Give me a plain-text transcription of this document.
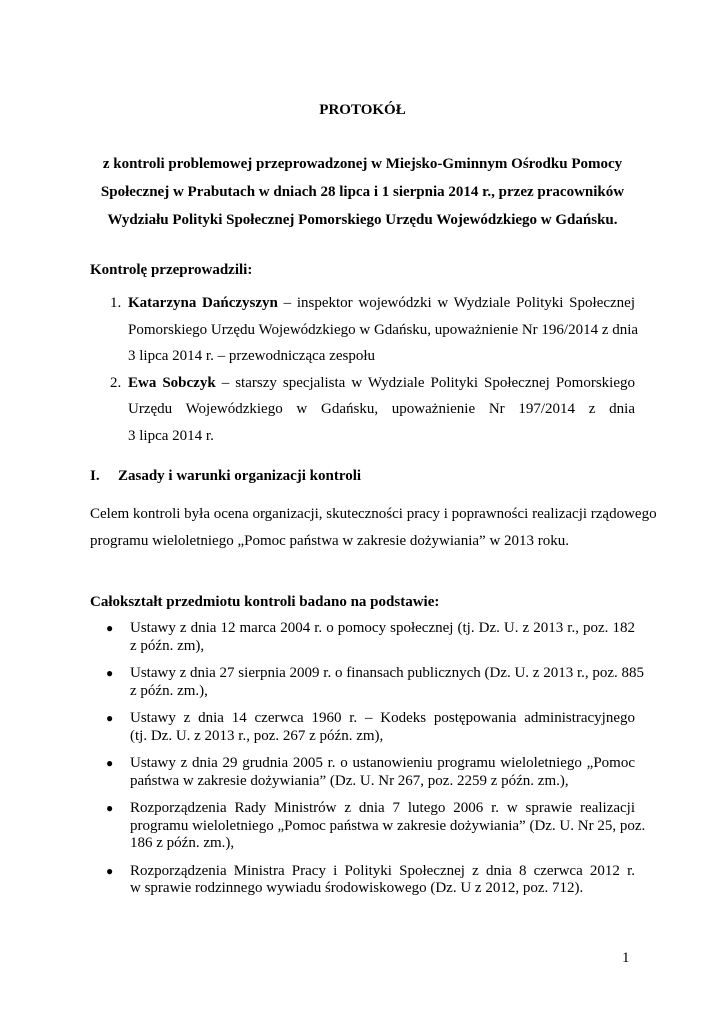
PROTOKÓŁ
z kontroli problemowej przeprowadzonej w Miejsko-Gminnym Ośrodku Pomocy
Społecznej w Prabutach w dniach 28 lipca i 1 sierpnia 2014 r., przez pracowników
Wydziału Polityki Społecznej Pomorskiego Urzędu Wojewódzkiego w Gdańsku.
Kontrolę przeprowadzili:
1. Katarzyna Dańczyszyn – inspektor wojewódzki w Wydziale Polityki Społecznej
Pomorskiego Urzędu Wojewódzkiego w Gdańsku, upoważnienie Nr 196/2014 z dnia
3 lipca 2014 r. – przewodnicząca zespołu
2. Ewa Sobczyk – starszy specjalista w Wydziale Polityki Społecznej Pomorskiego
Urzędu Wojewódzkiego w Gdańsku, upoważnienie Nr 197/2014 z dnia
3 lipca 2014 r.
I. Zasady i warunki organizacji kontroli
Celem kontroli była ocena organizacji, skuteczności pracy i poprawności realizacji rządowego
programu wieloletniego „Pomoc państwa w zakresie dożywiania” w 2013 roku.
Całokształt przedmiotu kontroli badano na podstawie:
● Ustawy z dnia 12 marca 2004 r. o pomocy społecznej (tj. Dz. U. z 2013 r., poz. 182
z późn. zm),
● Ustawy z dnia 27 sierpnia 2009 r. o finansach publicznych (Dz. U. z 2013 r., poz. 885
z późn. zm.),
● Ustawy z dnia 14 czerwca 1960 r. – Kodeks postępowania administracyjnego
(tj. Dz. U. z 2013 r., poz. 267 z późn. zm),
● Ustawy z dnia 29 grudnia 2005 r. o ustanowieniu programu wieloletniego „Pomoc
państwa w zakresie dożywiania” (Dz. U. Nr 267, poz. 2259 z późn. zm.),
● Rozporządzenia Rady Ministrów z dnia 7 lutego 2006 r. w sprawie realizacji
programu wieloletniego „Pomoc państwa w zakresie dożywiania” (Dz. U. Nr 25, poz.
186 z późn. zm.),
● Rozporządzenia Ministra Pracy i Polityki Społecznej z dnia 8 czerwca 2012 r.
w sprawie rodzinnego wywiadu środowiskowego (Dz. U z 2012, poz. 712).
1
